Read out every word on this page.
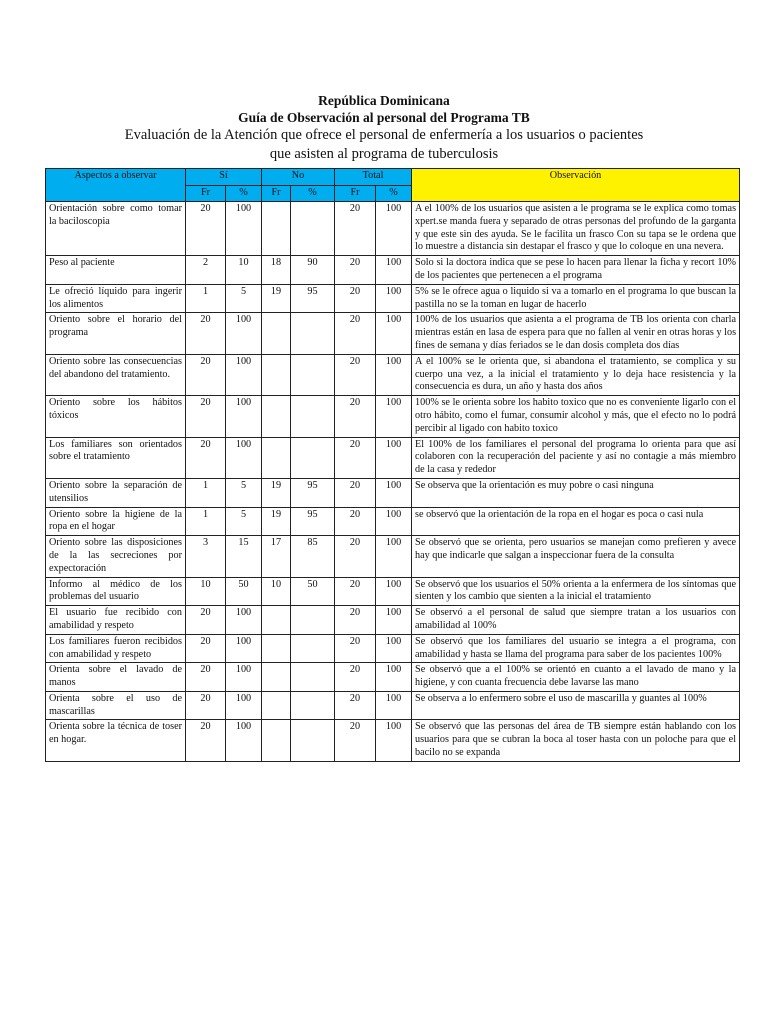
República Dominicana
Guía de Observación al personal del Programa TB
Evaluación de la Atención que ofrece el personal de enfermería a los usuarios o pacientes
que asisten al programa de tuberculosis
Aspectos a observar	Sí		No		Total		Observación
	Fr	%	Fr	%	Fr	%	
Orientación sobre como tomar la baciloscopia	20	100			20	100	A el 100% de los usuarios que asisten a le programa se le explica como tomas xpert.se manda fuera y separado de otras personas del profundo de la garganta y que este sin des ayuda. Se le facilita un frasco Con su tapa se le ordena que lo muestre a distancia sin destapar el frasco y que lo coloque en una nevera.
Peso al paciente	2	10	18	90	20	100	Solo si la doctora indica que se pese lo hacen para llenar la ficha y recort 10% de los pacientes que pertenecen a el programa
Le ofreció líquido para ingerir los alimentos	1	5	19	95	20	100	5% se le ofrece agua o liquido si va a tomarlo en el programa lo que buscan la pastilla no se la toman en lugar de hacerlo
Oriento sobre el horario del programa	20	100			20	100	100% de los usuarios que asienta a el programa de TB los orienta con charla mientras están en lasa de espera para que no fallen al venir en otras horas y los fines de semana y días feriados se le dan dosis completa dos días
Oriento sobre las consecuencias del abandono del tratamiento.	20	100			20	100	A el 100% se le orienta que, si abandona el tratamiento, se complica y su cuerpo una vez, a la inicial el tratamiento y lo deja hace resistencia y la consecuencia es dura, un año y hasta dos años
Oriento sobre los hábitos tóxicos	20	100			20	100	100% se le orienta sobre los habito toxico que no es conveniente ligarlo con el otro hábito, como el fumar, consumir alcohol y más, que el efecto no lo podrá percibir al ligado con habito toxico
Los familiares son orientados sobre el tratamiento	20	100			20	100	El 100% de los familiares el personal del programa lo orienta para que así colaboren con la recuperación del paciente y así no contagie a más miembro de la casa y rededor
Oriento sobre la separación de utensilios	1	5	19	95	20	100	Se observa que la orientación es muy pobre o casi ninguna
Oriento sobre la higiene de la ropa en el hogar	1	5	19	95	20	100	se observó que la orientación de la ropa en el hogar es poca o casi nula
Oriento sobre las disposiciones de la las secreciones por expectoración	3	15	17	85	20	100	Se observó que se orienta, pero usuarios se manejan como prefieren y avece hay que indicarle que salgan a inspeccionar fuera de la consulta
Informo al médico de los problemas del usuario	10	50	10	50	20	100	Se observó que los usuarios el 50% orienta a la enfermera de los síntomas que sienten y los cambio que sienten a la inicial el tratamiento
El usuario fue recibido con amabilidad y respeto	20	100			20	100	Se observó a el personal de salud que siempre tratan a los usuarios con amabilidad al 100%
Los familiares fueron recibidos con amabilidad y respeto	20	100			20	100	Se observó que los familiares del usuario se integra a el programa, con amabilidad y hasta se llama del programa para saber de los pacientes 100%
Orienta sobre el lavado de manos	20	100			20	100	Se observó que a el 100% se orientó en cuanto a el lavado de mano y la higiene, y con cuanta frecuencia debe lavarse las mano
Orienta sobre el uso de mascarillas	20	100			20	100	Se observa a lo enfermero sobre el uso de mascarilla y guantes al 100%
Orienta sobre la técnica de toser en hogar.	20	100			20	100	Se observó que las personas del área de TB siempre están hablando con los usuarios para que se cubran la boca al toser hasta con un poloche para que el bacilo no se expanda
